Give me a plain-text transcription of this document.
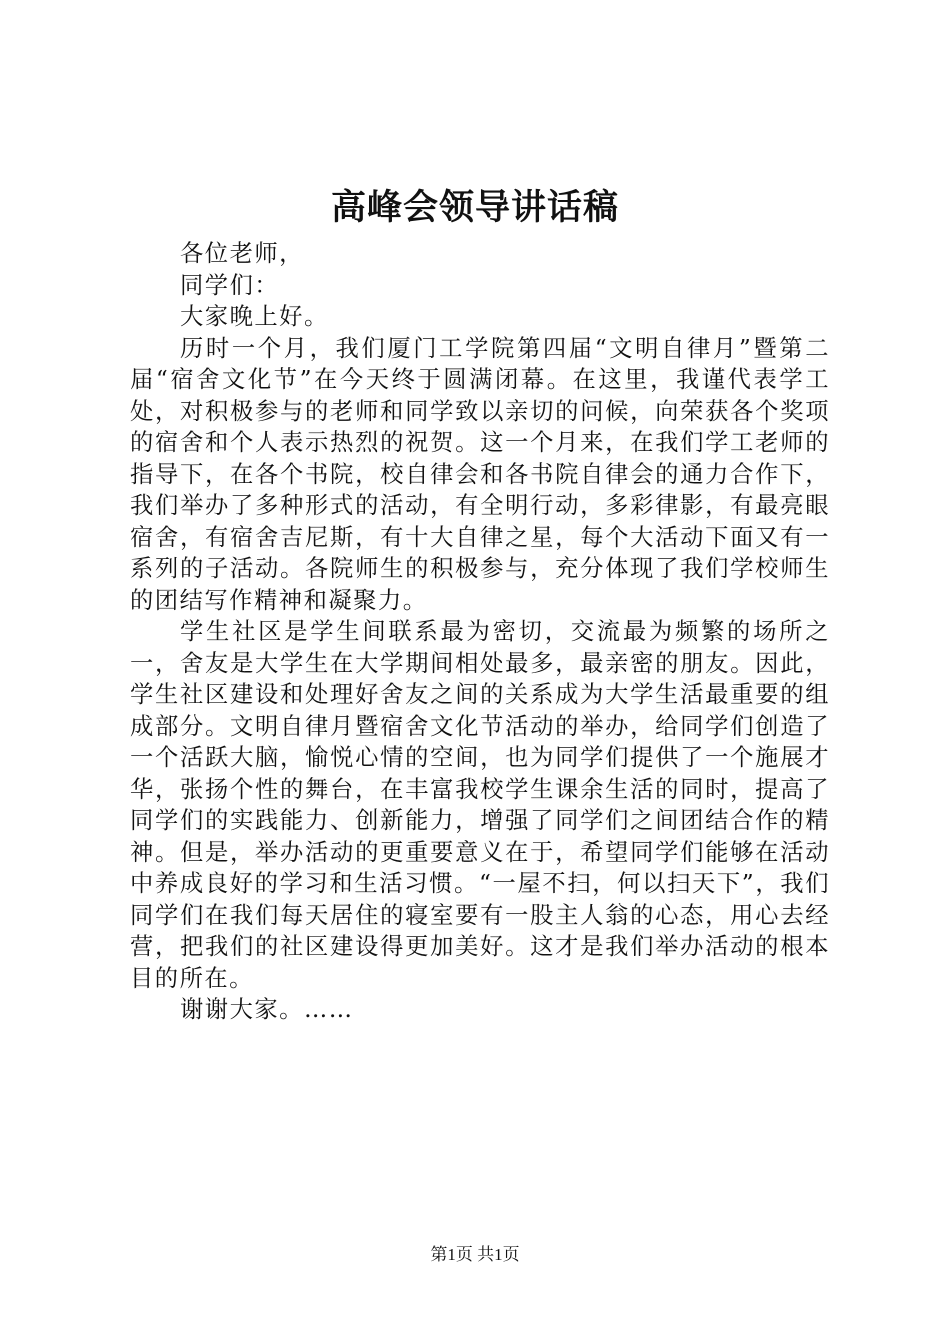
高峰会领导讲话稿

各位老师，

同学们：

大家晚上好。

历时一个月，我们厦门工学院第四届“文明自律月”暨第二届“宿舍文化节”在今天终于圆满闭幕。在这里，我谨代表学工处，对积极参与的老师和同学致以亲切的问候，向荣获各个奖项的宿舍和个人表示热烈的祝贺。这一个月来，在我们学工老师的指导下，在各个书院，校自律会和各书院自律会的通力合作下，我们举办了多种形式的活动，有全明行动，多彩律影，有最亮眼宿舍，有宿舍吉尼斯，有十大自律之星，每个大活动下面又有一系列的子活动。各院师生的积极参与，充分体现了我们学校师生的团结写作精神和凝聚力。

学生社区是学生间联系最为密切，交流最为频繁的场所之一，舍友是大学生在大学期间相处最多，最亲密的朋友。因此，学生社区建设和处理好舍友之间的关系成为大学生活最重要的组成部分。文明自律月暨宿舍文化节活动的举办，给同学们创造了一个活跃大脑，愉悦心情的空间，也为同学们提供了一个施展才华，张扬个性的舞台，在丰富我校学生课余生活的同时，提高了同学们的实践能力、创新能力，增强了同学们之间团结合作的精神。但是，举办活动的更重要意义在于，希望同学们能够在活动中养成良好的学习和生活习惯。“一屋不扫，何以扫天下”，我们同学们在我们每天居住的寝室要有一股主人翁的心态，用心去经营，把我们的社区建设得更加美好。这才是我们举办活动的根本目的所在。

谢谢大家。……

第1页 共1页
